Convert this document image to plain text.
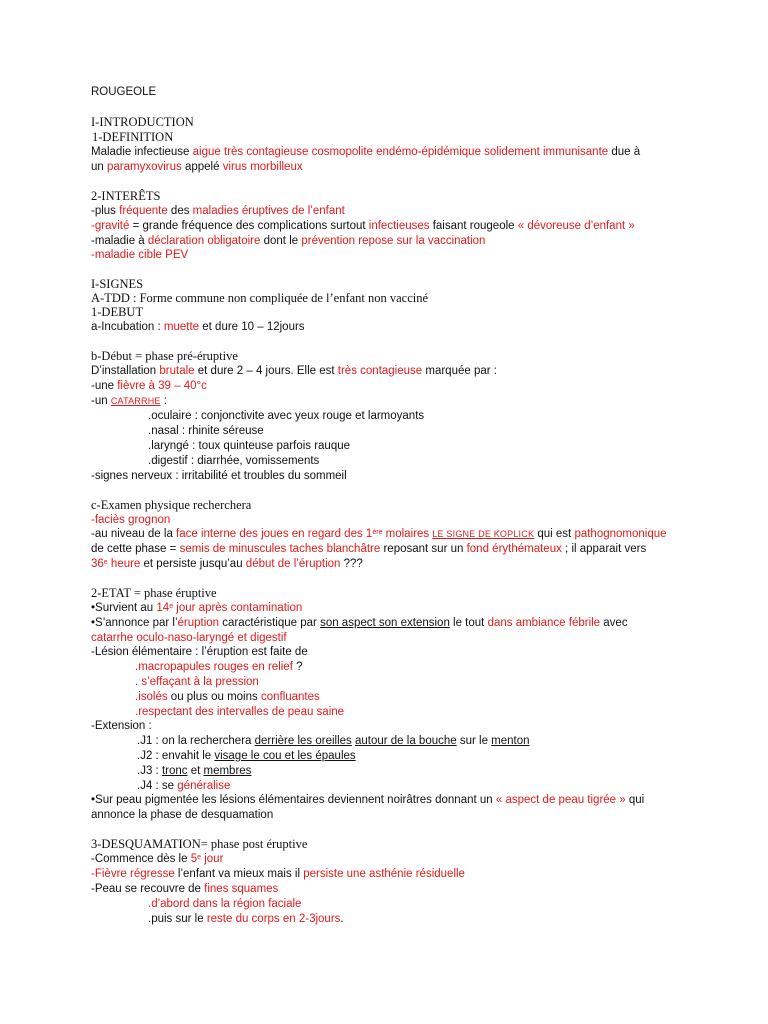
ROUGEOLE
I-INTRODUCTION
1-DEFINITION
Maladie infectieuse aigue très contagieuse cosmopolite endémo-épidémique solidement immunisante due à
un paramyxovirus appelé virus morbilleux
2-INTERÊTS
-plus fréquente des maladies éruptives de l’enfant
-gravité = grande fréquence des complications surtout infectieuses faisant rougeole « dévoreuse d’enfant »
-maladie à déclaration obligatoire dont le prévention repose sur la vaccination
-maladie cible PEV
I-SIGNES
A-TDD : Forme commune non compliquée de l’enfant non vacciné
1-DEBUT
a-Incubation : muette et dure 10 – 12jours
b-Début = phase pré-éruptive
D’installation brutale et dure 2 – 4 jours. Elle est très contagieuse marquée par :
-une fièvre à 39 – 40°c
-un CATARRHE :
.oculaire : conjonctivite avec yeux rouge et larmoyants
.nasal : rhinite séreuse
.laryngé : toux quinteuse parfois rauque
.digestif : diarrhée, vomissements
-signes nerveux : irritabilité et troubles du sommeil
c-Examen physique recherchera
-faciès grognon
-au niveau de la face interne des joues en regard des 1ère molaires LE SIGNE DE KOPLICK qui est pathognomonique
de cette phase = semis de minuscules taches blanchâtre reposant sur un fond érythémateux ; il apparait vers
36e heure et persiste jusqu’au début de l’éruption ???
2-ETAT = phase éruptive
•Survient au 14e jour après contamination
•S’annonce par l’éruption caractéristique par son aspect son extension le tout dans ambiance fébrile avec
catarrhe oculo-naso-laryngé et digestif
-Lésion élémentaire : l’éruption est faite de
.macropapules rouges en relief ?
. s’effaçant à la pression
.isolés ou plus ou moins confluantes
.respectant des intervalles de peau saine
-Extension :
.J1 : on la recherchera derrière les oreilles autour de la bouche sur le menton
.J2 : envahit le visage le cou et les épaules
.J3 : tronc et membres
.J4 : se généralise
•Sur peau pigmentée les lésions élémentaires deviennent noirâtres donnant un « aspect de peau tigrée » qui
annonce la phase de desquamation
3-DESQUAMATION= phase post éruptive
-Commence dès le 5e jour
-Fièvre régresse l’enfant va mieux mais il persiste une asthénie résiduelle
-Peau se recouvre de fines squames
.d’abord dans la région faciale
.puis sur le reste du corps en 2-3jours.
